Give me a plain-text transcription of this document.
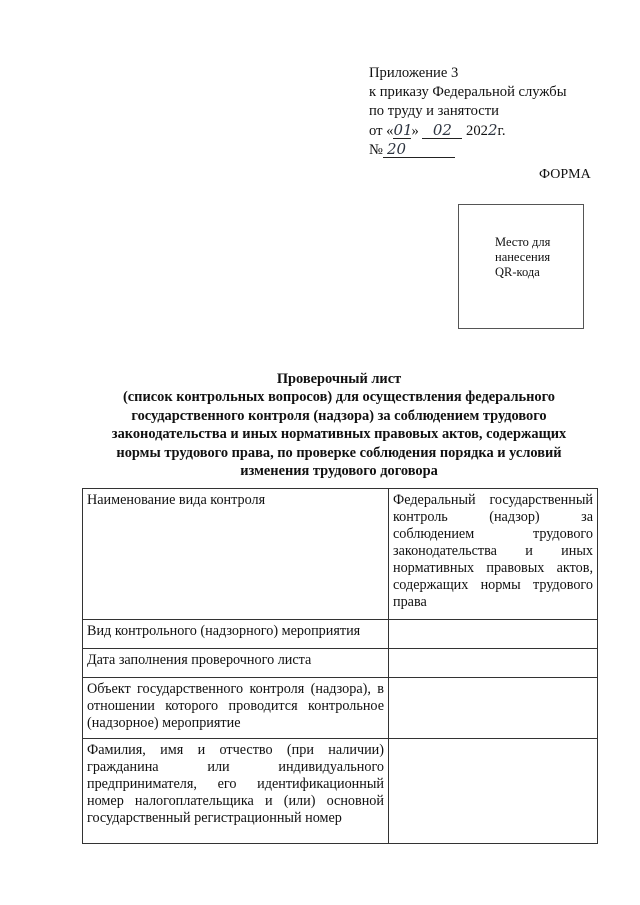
Приложение 3
к приказу Федеральной службы
по труду и занятости
от «01» 02 2022г.
№ 20
ФОРМА
Место для
нанесения
QR-кода
Проверочный лист
(список контрольных вопросов) для осуществления федерального
государственного контроля (надзора) за соблюдением трудового
законодательства и иных нормативных правовых актов, содержащих
нормы трудового права, по проверке соблюдения порядка и условий
изменения трудового договора
Наименование вида контроля	Федеральный государственный контроль (надзор) за соблюдением трудового законодательства и иных нормативных правовых актов, содержащих нормы трудового права
Вид контрольного (надзорного) мероприятия	
Дата заполнения проверочного листа	
Объект государственного контроля (надзора), в отношении которого проводится контрольное (надзорное) мероприятие	

Фамилия, имя и отчество (при наличии) гражданина или индивидуального предпринимателя, его идентификационный номер налогоплательщика и (или) основной государственный регистрационный номер	
